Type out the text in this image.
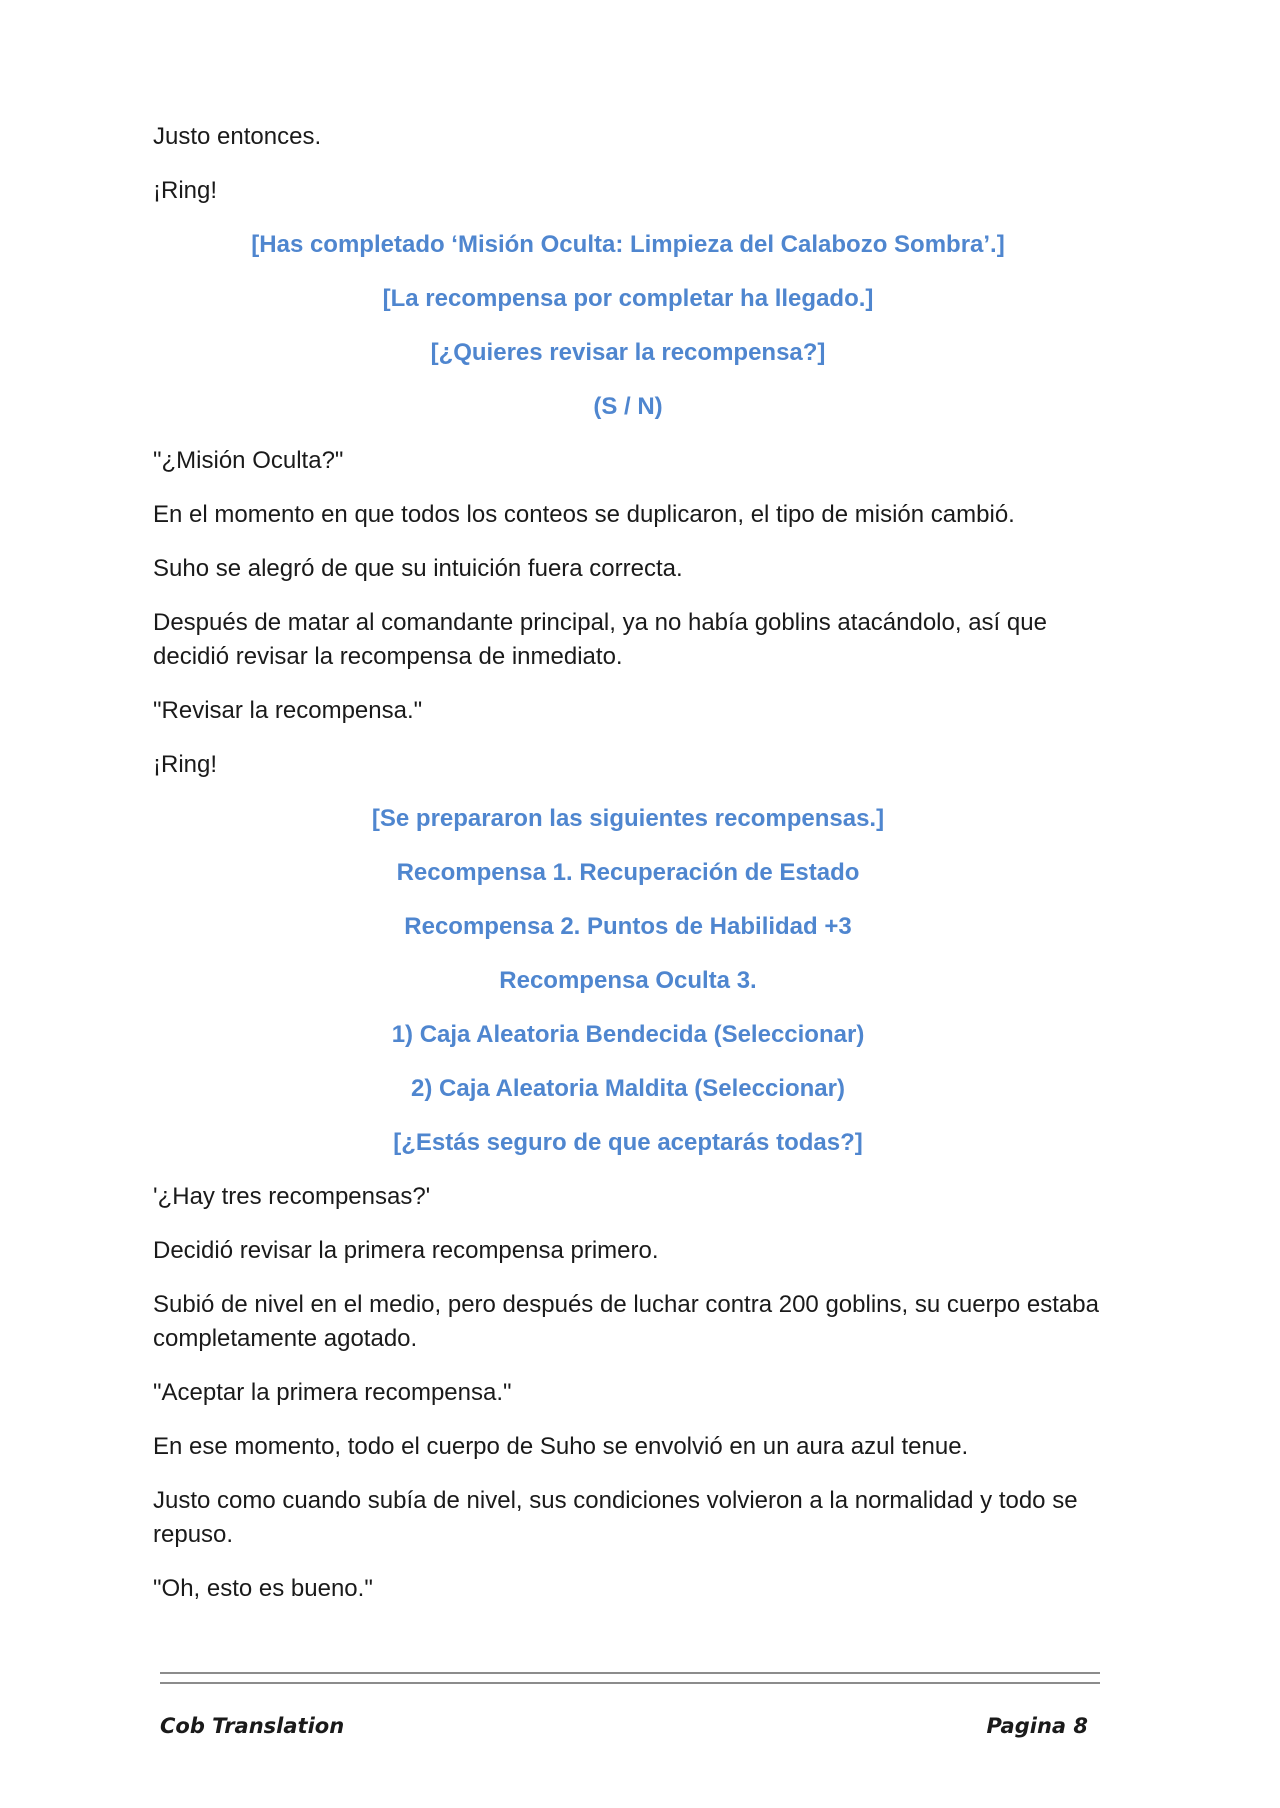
Justo entonces.

¡Ring!

[Has completado ‘Misión Oculta: Limpieza del Calabozo Sombra’.]

[La recompensa por completar ha llegado.]

[¿Quieres revisar la recompensa?]

(S / N)

"¿Misión Oculta?"

En el momento en que todos los conteos se duplicaron, el tipo de misión cambió.

Suho se alegró de que su intuición fuera correcta.

Después de matar al comandante principal, ya no había goblins atacándolo, así que decidió revisar la recompensa de inmediato.

"Revisar la recompensa."

¡Ring!

[Se prepararon las siguientes recompensas.]

Recompensa 1. Recuperación de Estado

Recompensa 2. Puntos de Habilidad +3

Recompensa Oculta 3.

1) Caja Aleatoria Bendecida (Seleccionar)

2) Caja Aleatoria Maldita (Seleccionar)

[¿Estás seguro de que aceptarás todas?]

'¿Hay tres recompensas?'

Decidió revisar la primera recompensa primero.

Subió de nivel en el medio, pero después de luchar contra 200 goblins, su cuerpo estaba completamente agotado.

"Aceptar la primera recompensa."

En ese momento, todo el cuerpo de Suho se envolvió en un aura azul tenue.

Justo como cuando subía de nivel, sus condiciones volvieron a la normalidad y todo se repuso.

"Oh, esto es bueno."

Cob Translation	Pagina 8
